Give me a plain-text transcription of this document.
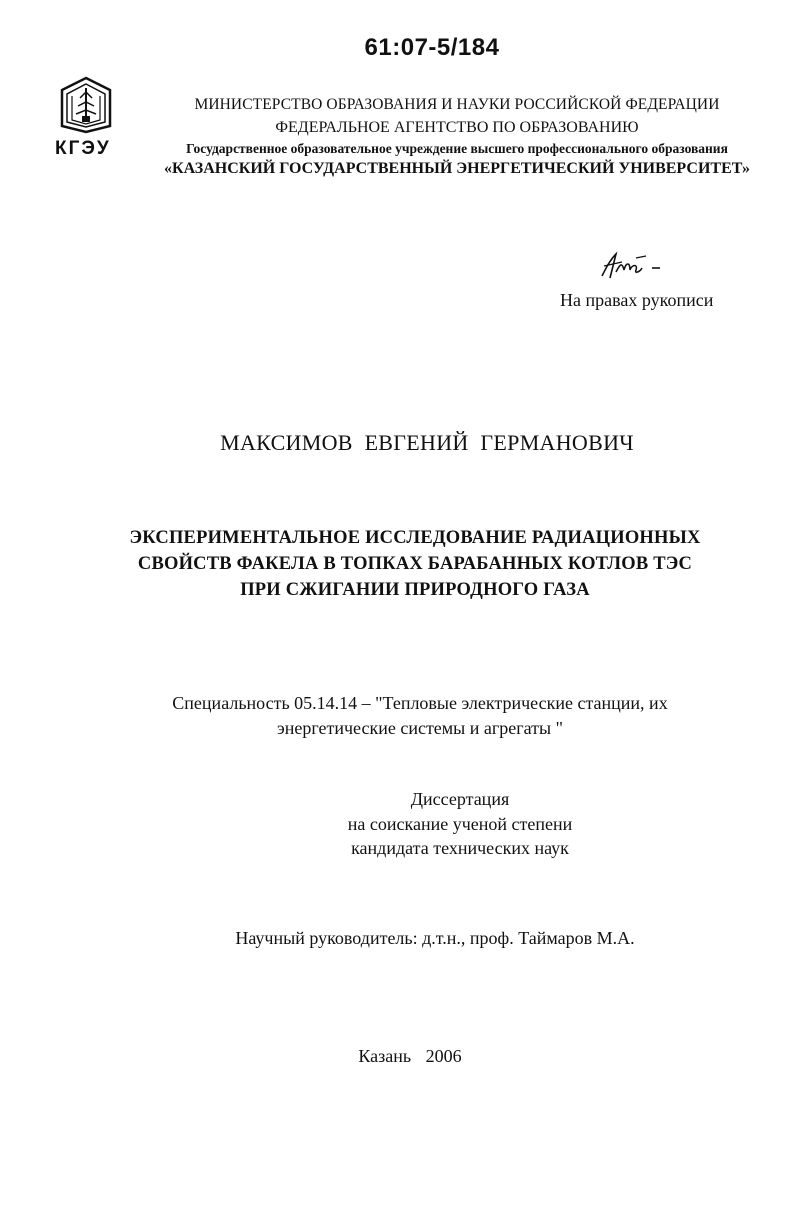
61:07-5/184
КГЭУ
МИНИСТЕРСТВО ОБРАЗОВАНИЯ И НАУКИ РОССИЙСКОЙ ФЕДЕРАЦИИ
ФЕДЕРАЛЬНОЕ АГЕНТСТВО ПО ОБРАЗОВАНИЮ
Государственное образовательное учреждение высшего профессионального образования
«КАЗАНСКИЙ ГОСУДАРСТВЕННЫЙ ЭНЕРГЕТИЧЕСКИЙ УНИВЕРСИТЕТ»
На правах рукописи
МАКСИМОВ ЕВГЕНИЙ ГЕРМАНОВИЧ
ЭКСПЕРИМЕНТАЛЬНОЕ ИССЛЕДОВАНИЕ РАДИАЦИОННЫХ
СВОЙСТВ ФАКЕЛА В ТОПКАХ БАРАБАННЫХ КОТЛОВ ТЭС
ПРИ СЖИГАНИИ ПРИРОДНОГО ГАЗА
Специальность 05.14.14 – "Тепловые электрические станции, их
энергетические системы и агрегаты "
Диссертация
на соискание ученой степени
кандидата технических наук
Научный руководитель: д.т.н., проф. Таймаров М.А.
Казань 2006
